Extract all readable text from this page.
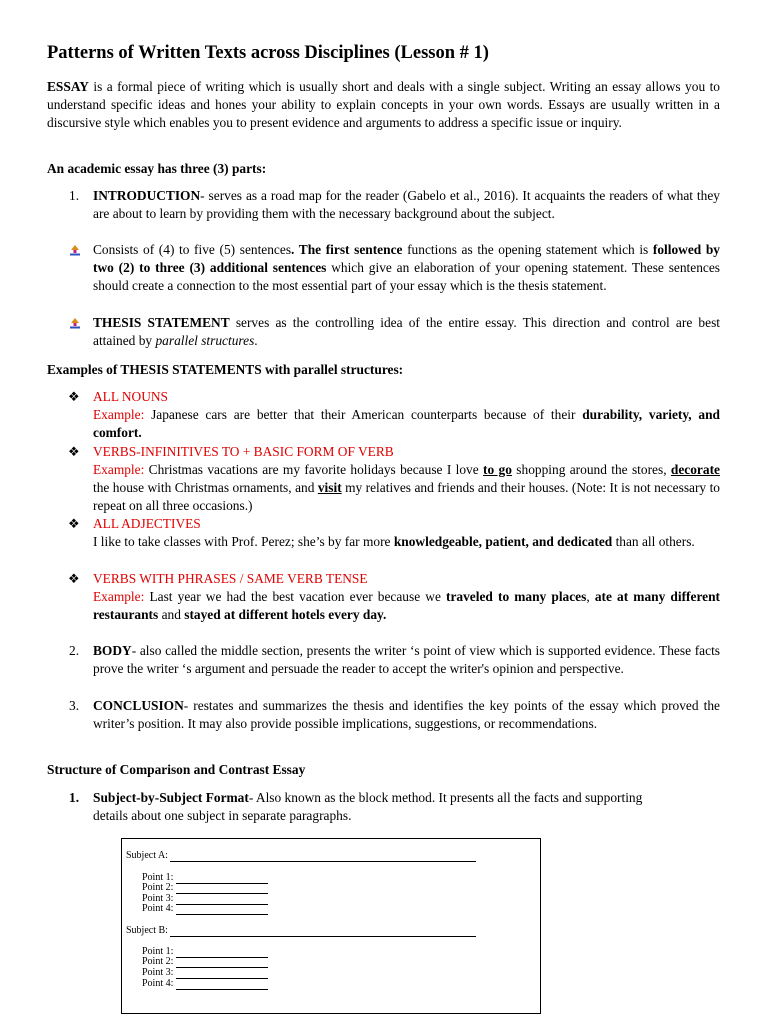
Patterns of Written Texts across Disciplines (Lesson # 1)
ESSAY is a formal piece of writing which is usually short and deals with a single subject. Writing an essay allows you to understand specific ideas and hones your ability to explain concepts in your own words. Essays are usually written in a discursive style which enables you to present evidence and arguments to address a specific issue or inquiry.
An academic essay has three (3) parts:
1. INTRODUCTION- serves as a road map for the reader (Gabelo et al., 2016). It acquaints the readers of what they are about to learn by providing them with the necessary background about the subject.
Consists of (4) to five (5) sentences. The first sentence functions as the opening statement which is followed by two (2) to three (3) additional sentences which give an elaboration of your opening statement. These sentences should create a connection to the most essential part of your essay which is the thesis statement.
THESIS STATEMENT serves as the controlling idea of the entire essay. This direction and control are best attained by parallel structures.
Examples of THESIS STATEMENTS with parallel structures:
❖ ALL NOUNS
Example: Japanese cars are better that their American counterparts because of their durability, variety, and comfort.
❖ VERBS-INFINITIVES TO + BASIC FORM OF VERB
Example: Christmas vacations are my favorite holidays because I love to go shopping around the stores, decorate the house with Christmas ornaments, and visit my relatives and friends and their houses. (Note: It is not necessary to repeat on all three occasions.)
❖ ALL ADJECTIVES
I like to take classes with Prof. Perez; she’s by far more knowledgeable, patient, and dedicated than all others.
❖ VERBS WITH PHRASES / SAME VERB TENSE
Example: Last year we had the best vacation ever because we traveled to many places, ate at many different restaurants and stayed at different hotels every day.
2. BODY- also called the middle section, presents the writer ‘s point of view which is supported evidence. These facts prove the writer ‘s argument and persuade the reader to accept the writer's opinion and perspective.
3. CONCLUSION- restates and summarizes the thesis and identifies the key points of the essay which proved the writer’s position. It may also provide possible implications, suggestions, or recommendations.
Structure of Comparison and Contrast Essay
1. Subject-by-Subject Format- Also known as the block method. It presents all the facts and supporting details about one subject in separate paragraphs.
Subject A:
Point 1:
Point 2:
Point 3:
Point 4:
Subject B:
Point 1:
Point 2:
Point 3:
Point 4:
